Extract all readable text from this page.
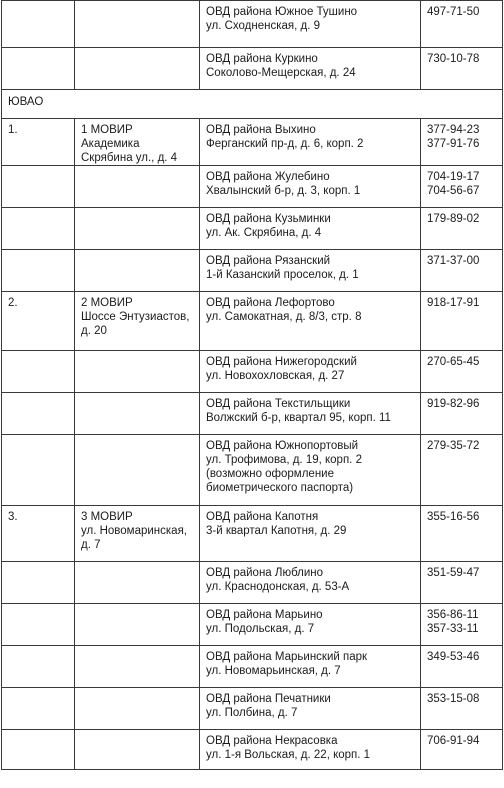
		ОВД района Южное Тушино
ул. Сходненская, д. 9	497-71-50

		ОВД района Куркино
Соколово-Мещерская, д. 24	730-10-78

ЮВАО			
1.	1 МОВИР
Академика
Скрябина ул., д. 4	ОВД района Выхино
Ферганский пр-д, д. 6, корп. 2	377-94-23
377-91-76

		ОВД района Жулебино
Хвалынский б-р, д. 3, корп. 1	704-19-17
704-56-67

		ОВД района Кузьминки
ул. Ак. Скрябина, д. 4	179-89-02

		ОВД района Рязанский
1-й Казанский проселок, д. 1	371-37-00

2.	2 МОВИР
Шоссе Энтузиастов,
д. 20	ОВД района Лефортово
ул. Самокатная, д. 8/3, стр. 8	918-17-91

		ОВД района Нижегородский
ул. Новохохловская, д. 27	270-65-45

		ОВД района Текстильщики
Волжский б-р, квартал 95, корп. 11	919-82-96

		ОВД района Южнопортовый
ул. Трофимова, д. 19, корп. 2
(возможно оформление
биометрического паспорта)	279-35-72

3.	3 МОВИР
ул. Новомаринская,
д. 7	ОВД района Капотня
3-й квартал Капотня, д. 29	355-16-56

		ОВД района Люблино
ул. Краснодонская, д. 53-А	351-59-47

		ОВД района Марьино
ул. Подольская, д. 7	356-86-11
357-33-11

		ОВД района Марьинский парк
ул. Новомарьинская, д. 7	349-53-46

		ОВД района Печатники
ул. Полбина, д. 7	353-15-08

		ОВД района Некрасовка
ул. 1-я Вольская, д. 22, корп. 1	706-91-94
